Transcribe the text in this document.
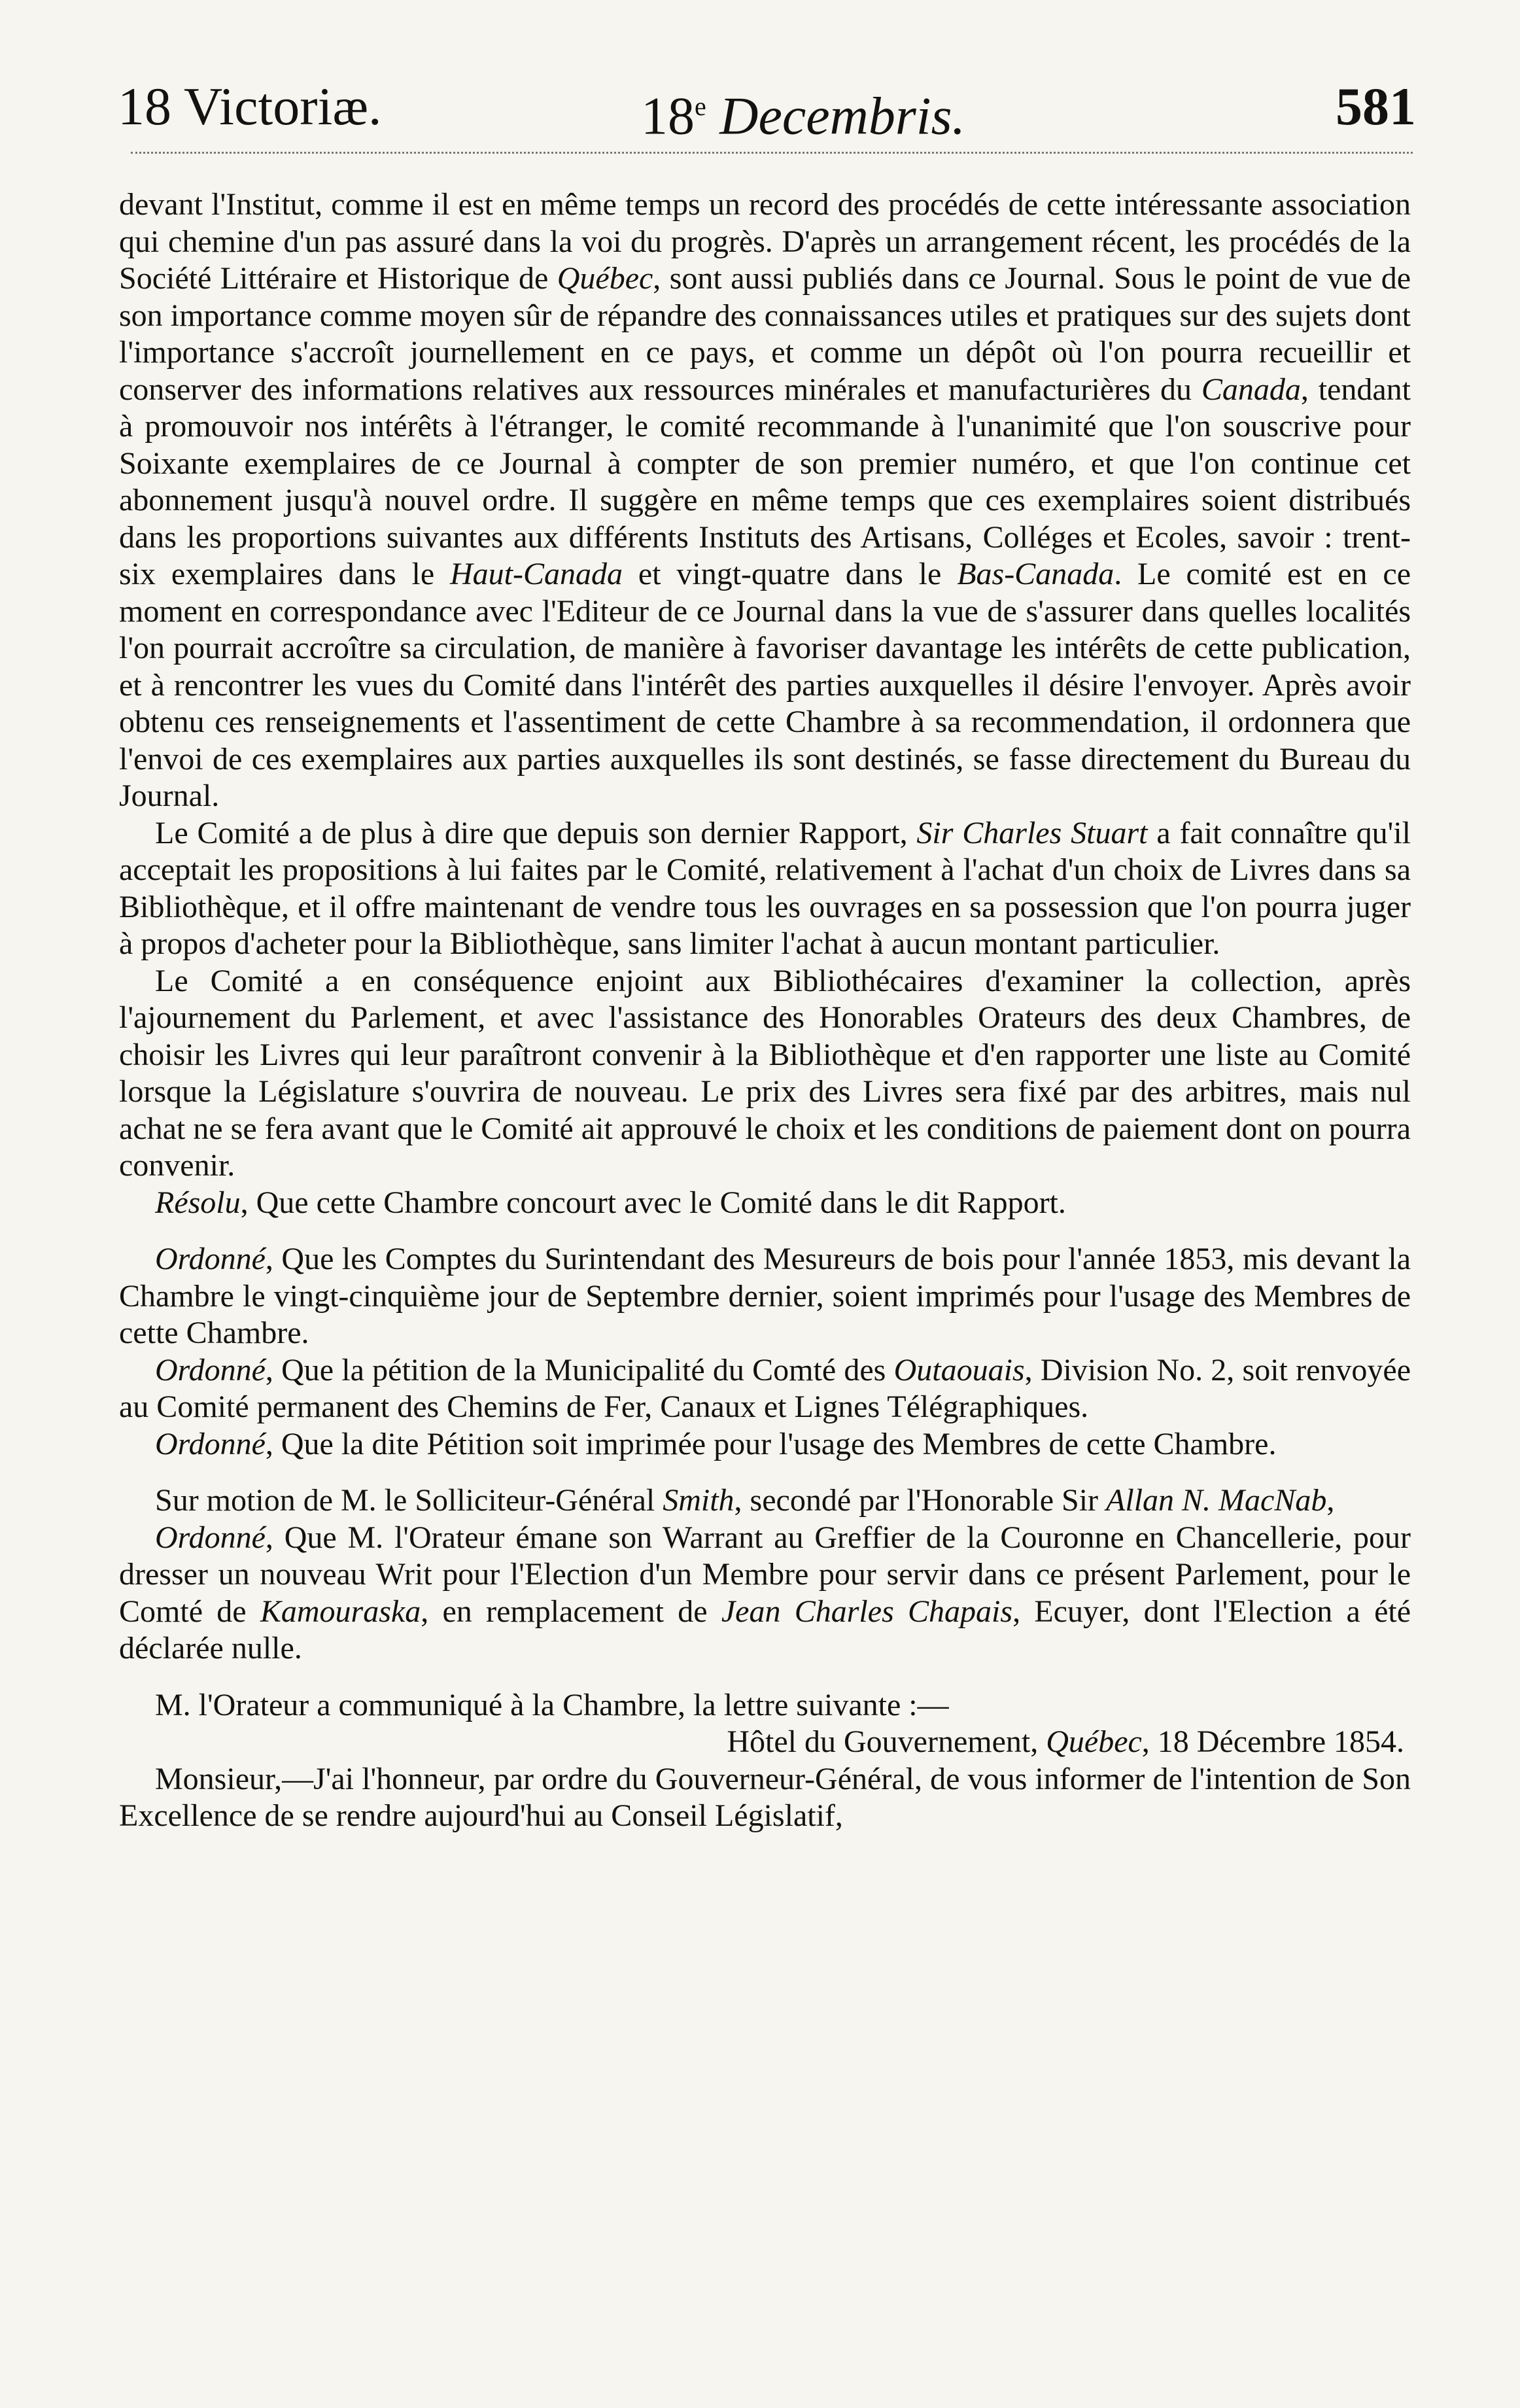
18 Victoriæ.	18e Decembris.	581

devant l'Institut, comme il est en même temps un record des procédés de cette intéressante association qui chemine d'un pas assuré dans la voi du progrès. D'après un arrangement récent, les procédés de la Société Littéraire et Historique de Québec, sont aussi publiés dans ce Journal. Sous le point de vue de son importance comme moyen sûr de répandre des connaissances utiles et pratiques sur des sujets dont l'importance s'accroît journellement en ce pays, et comme un dépôt où l'on pourra recueillir et conserver des informations relatives aux ressources minérales et manufacturières du Canada, tendant à promouvoir nos intérêts à l'étranger, le comité recommande à l'unanimité que l'on souscrive pour Soixante exemplaires de ce Journal à compter de son premier numéro, et que l'on continue cet abonnement jusqu'à nouvel ordre. Il suggère en même temps que ces exemplaires soient distribués dans les proportions suivantes aux différents Instituts des Artisans, Colléges et Ecoles, savoir : trent-six exemplaires dans le Haut-Canada et vingt-quatre dans le Bas-Canada. Le comité est en ce moment en correspondance avec l'Editeur de ce Journal dans la vue de s'assurer dans quelles localités l'on pourrait accroître sa circulation, de manière à favoriser davantage les intérêts de cette publication, et à rencontrer les vues du Comité dans l'intérêt des parties auxquelles il désire l'envoyer. Après avoir obtenu ces renseignements et l'assentiment de cette Chambre à sa recommendation, il ordonnera que l'envoi de ces exemplaires aux parties auxquelles ils sont destinés, se fasse directement du Bureau du Journal.

Le Comité a de plus à dire que depuis son dernier Rapport, Sir Charles Stuart a fait connaître qu'il acceptait les propositions à lui faites par le Comité, relativement à l'achat d'un choix de Livres dans sa Bibliothèque, et il offre maintenant de vendre tous les ouvrages en sa possession que l'on pourra juger à propos d'acheter pour la Bibliothèque, sans limiter l'achat à aucun montant particulier.

Le Comité a en conséquence enjoint aux Bibliothécaires d'examiner la collection, après l'ajournement du Parlement, et avec l'assistance des Honorables Orateurs des deux Chambres, de choisir les Livres qui leur paraîtront convenir à la Bibliothèque et d'en rapporter une liste au Comité lorsque la Législature s'ouvrira de nouveau. Le prix des Livres sera fixé par des arbitres, mais nul achat ne se fera avant que le Comité ait approuvé le choix et les conditions de paiement dont on pourra convenir.

Résolu, Que cette Chambre concourt avec le Comité dans le dit Rapport.

Ordonné, Que les Comptes du Surintendant des Mesureurs de bois pour l'année 1853, mis devant la Chambre le vingt-cinquième jour de Septembre dernier, soient imprimés pour l'usage des Membres de cette Chambre.

Ordonné, Que la pétition de la Municipalité du Comté des Outaouais, Division No. 2, soit renvoyée au Comité permanent des Chemins de Fer, Canaux et Lignes Télégraphiques.

Ordonné, Que la dite Pétition soit imprimée pour l'usage des Membres de cette Chambre.

Sur motion de M. le Solliciteur-Général Smith, secondé par l'Honorable Sir Allan N. MacNab,

Ordonné, Que M. l'Orateur émane son Warrant au Greffier de la Couronne en Chancellerie, pour dresser un nouveau Writ pour l'Election d'un Membre pour servir dans ce présent Parlement, pour le Comté de Kamouraska, en remplacement de Jean Charles Chapais, Ecuyer, dont l'Election a été déclarée nulle.

M. l'Orateur a communiqué à la Chambre, la lettre suivante :—

Hôtel du Gouvernement, Québec, 18 Décembre 1854.

Monsieur,—J'ai l'honneur, par ordre du Gouverneur-Général, de vous informer de l'intention de Son Excellence de se rendre aujourd'hui au Conseil Législatif,
